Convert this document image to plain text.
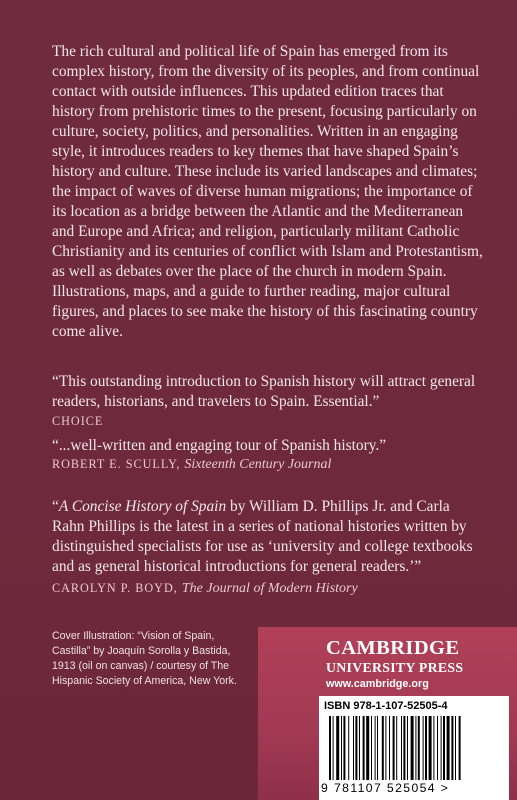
The rich cultural and political life of Spain has emerged from its complex history, from the diversity of its peoples, and from continual contact with outside influences. This updated edition traces that history from prehistoric times to the present, focusing particularly on culture, society, politics, and personalities. Written in an engaging style, it introduces readers to key themes that have shaped Spain’s history and culture. These include its varied landscapes and climates; the impact of waves of diverse human migrations; the importance of its location as a bridge between the Atlantic and the Mediterranean and Europe and Africa; and religion, particularly militant Catholic Christianity and its centuries of conflict with Islam and Protestantism, as well as debates over the place of the church in modern Spain. Illustrations, maps, and a guide to further reading, major cultural figures, and places to see make the history of this fascinating country come alive.

“This outstanding introduction to Spanish history will attract general readers, historians, and travelers to Spain. Essential.”

CHOICE

“...well-written and engaging tour of Spanish history.”

ROBERT E. SCULLY, Sixteenth Century Journal

“A Concise History of Spain by William D. Phillips Jr. and Carla Rahn Phillips is the latest in a series of national histories written by distinguished specialists for use as ‘university and college textbooks and as general historical introductions for general readers.’”

CAROLYN P. BOYD, The Journal of Modern History

Cover Illustration: “Vision of Spain, Castilla” by Joaquín Sorolla y Bastida, 1913 (oil on canvas) / courtesy of The Hispanic Society of America, New York.

CAMBRIDGE

UNIVERSITY PRESS

www.cambridge.org

ISBN 978-1-107-52505-4

9 781107 525054 >
